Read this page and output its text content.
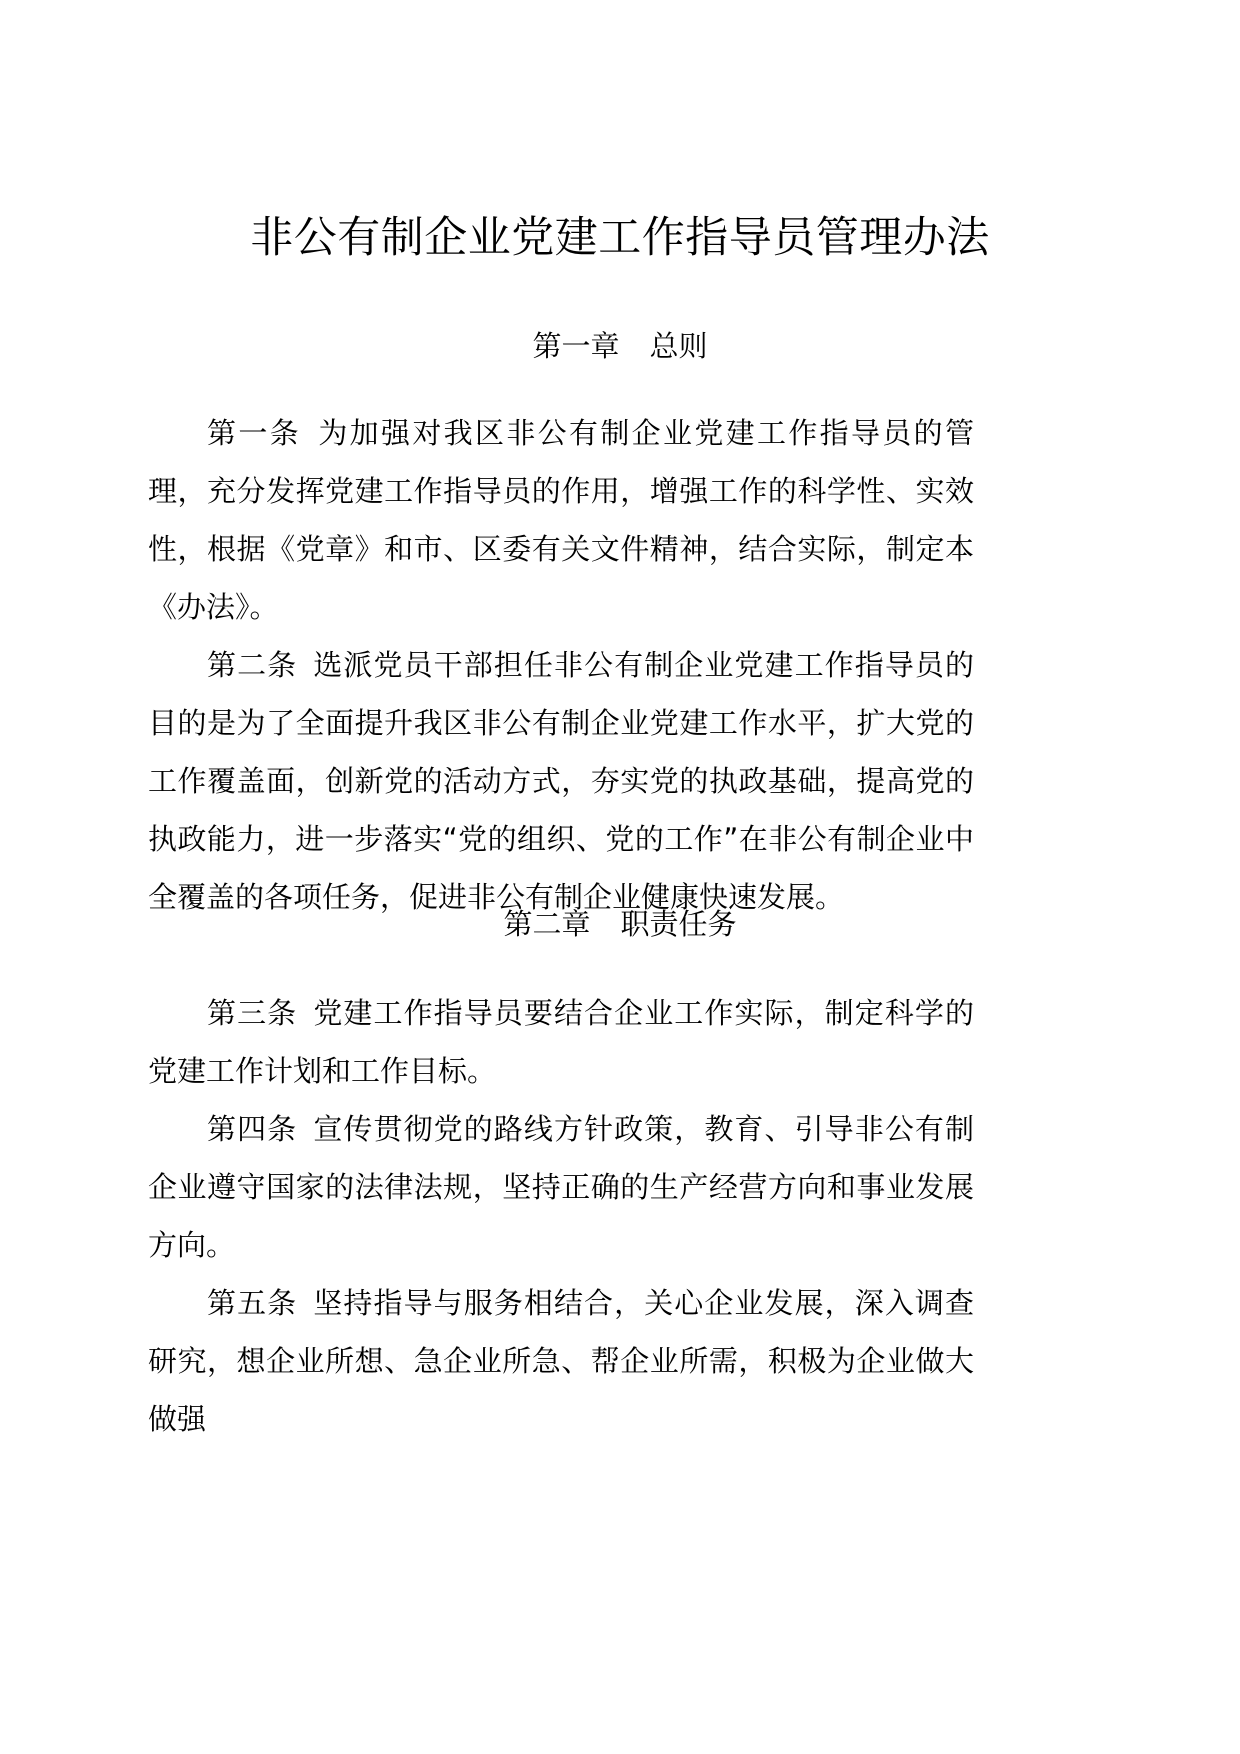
非公有制企业党建工作指导员管理办法
第一章 总则

第一条 为加强对我区非公有制企业党建工作指导员的管理，充分发挥党建工作指导员的作用，增强工作的科学性、实效性，根据《党章》和市、区委有关文件精神，结合实际，制定本《办法》。

第二条 选派党员干部担任非公有制企业党建工作指导员的目的是为了全面提升我区非公有制企业党建工作水平，扩大党的工作覆盖面，创新党的活动方式，夯实党的执政基础，提高党的执政能力，进一步落实“党的组织、党的工作”在非公有制企业中全覆盖的各项任务，促进非公有制企业健康快速发展。

第二章 职责任务

第三条 党建工作指导员要结合企业工作实际，制定科学的党建工作计划和工作目标。

第四条 宣传贯彻党的路线方针政策，教育、引导非公有制企业遵守国家的法律法规，坚持正确的生产经营方向和事业发展方向。

第五条 坚持指导与服务相结合，关心企业发展，深入调查研究，想企业所想、急企业所急、帮企业所需，积极为企业做大做强
